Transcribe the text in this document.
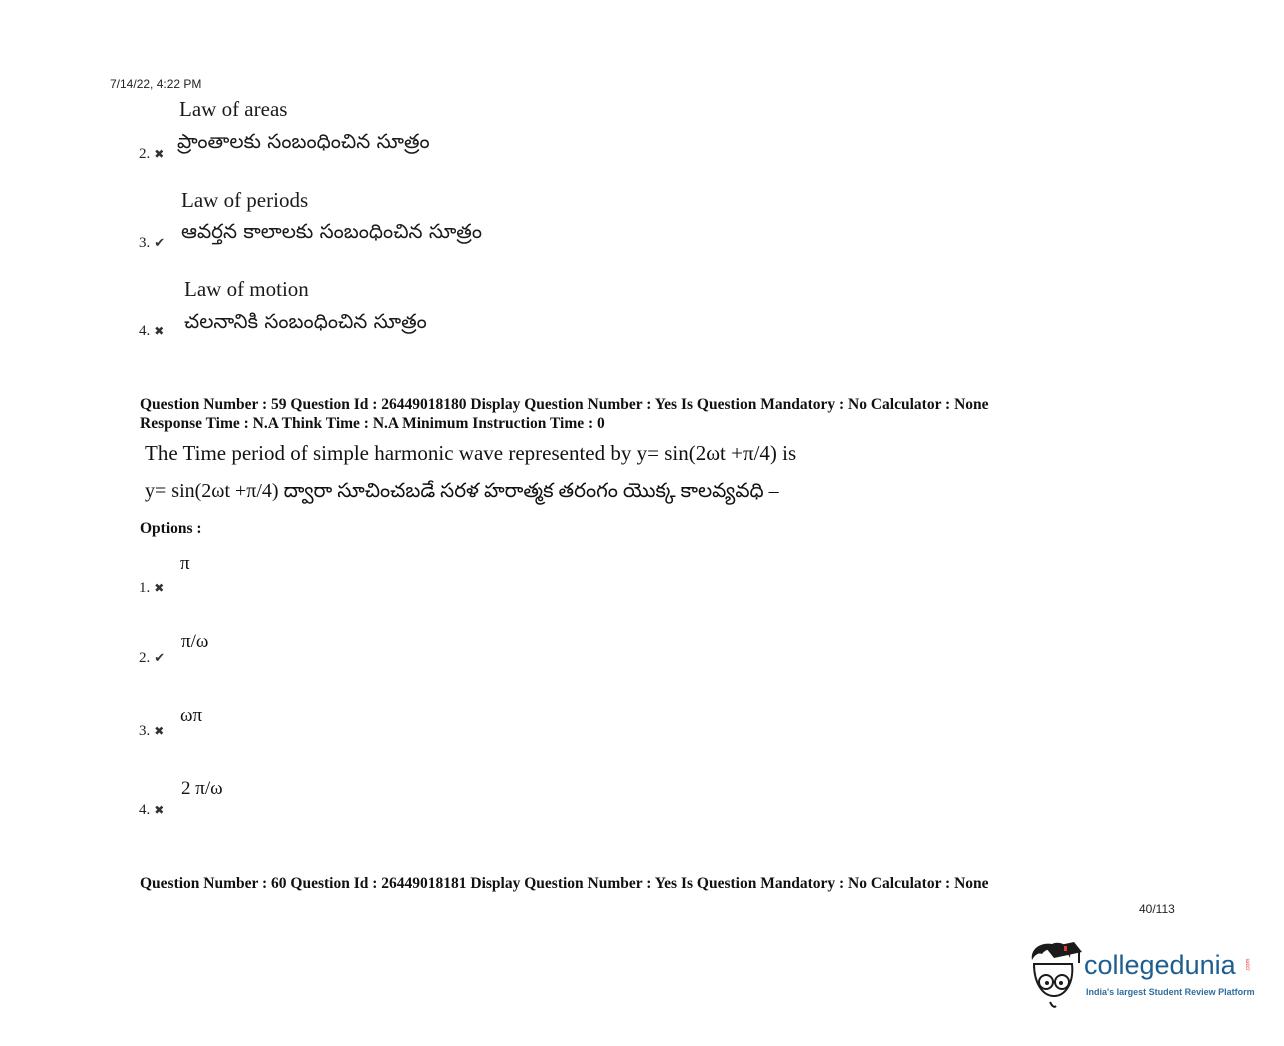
7/14/22, 4:22 PM
Law of areas
ప్రాంతాలకు సంబంధించిన సూత్రం
2. ✖
Law of periods
ఆవర్తన కాలాలకు సంబంధించిన సూత్రం
3. ✔
Law of motion
చలనానికి సంబంధించిన సూత్రం
4. ✖
Question Number : 59 Question Id : 26449018180 Display Question Number : Yes Is Question Mandatory : No Calculator : None
Response Time : N.A Think Time : N.A Minimum Instruction Time : 0
The Time period of simple harmonic wave represented by y= sin(2ωt +π/4) is
y= sin(2ωt +π/4) ద్వారా సూచించబడే సరళ హరాత్మక తరంగం యొక్క కాలవ్యవధి –
Options :
π
1. ✖
π/ω
2. ✔
ωπ
3. ✖
2 π/ω
4. ✖
Question Number : 60 Question Id : 26449018181 Display Question Number : Yes Is Question Mandatory : No Calculator : None
40/113
collegedunia .com
India's largest Student Review Platform
